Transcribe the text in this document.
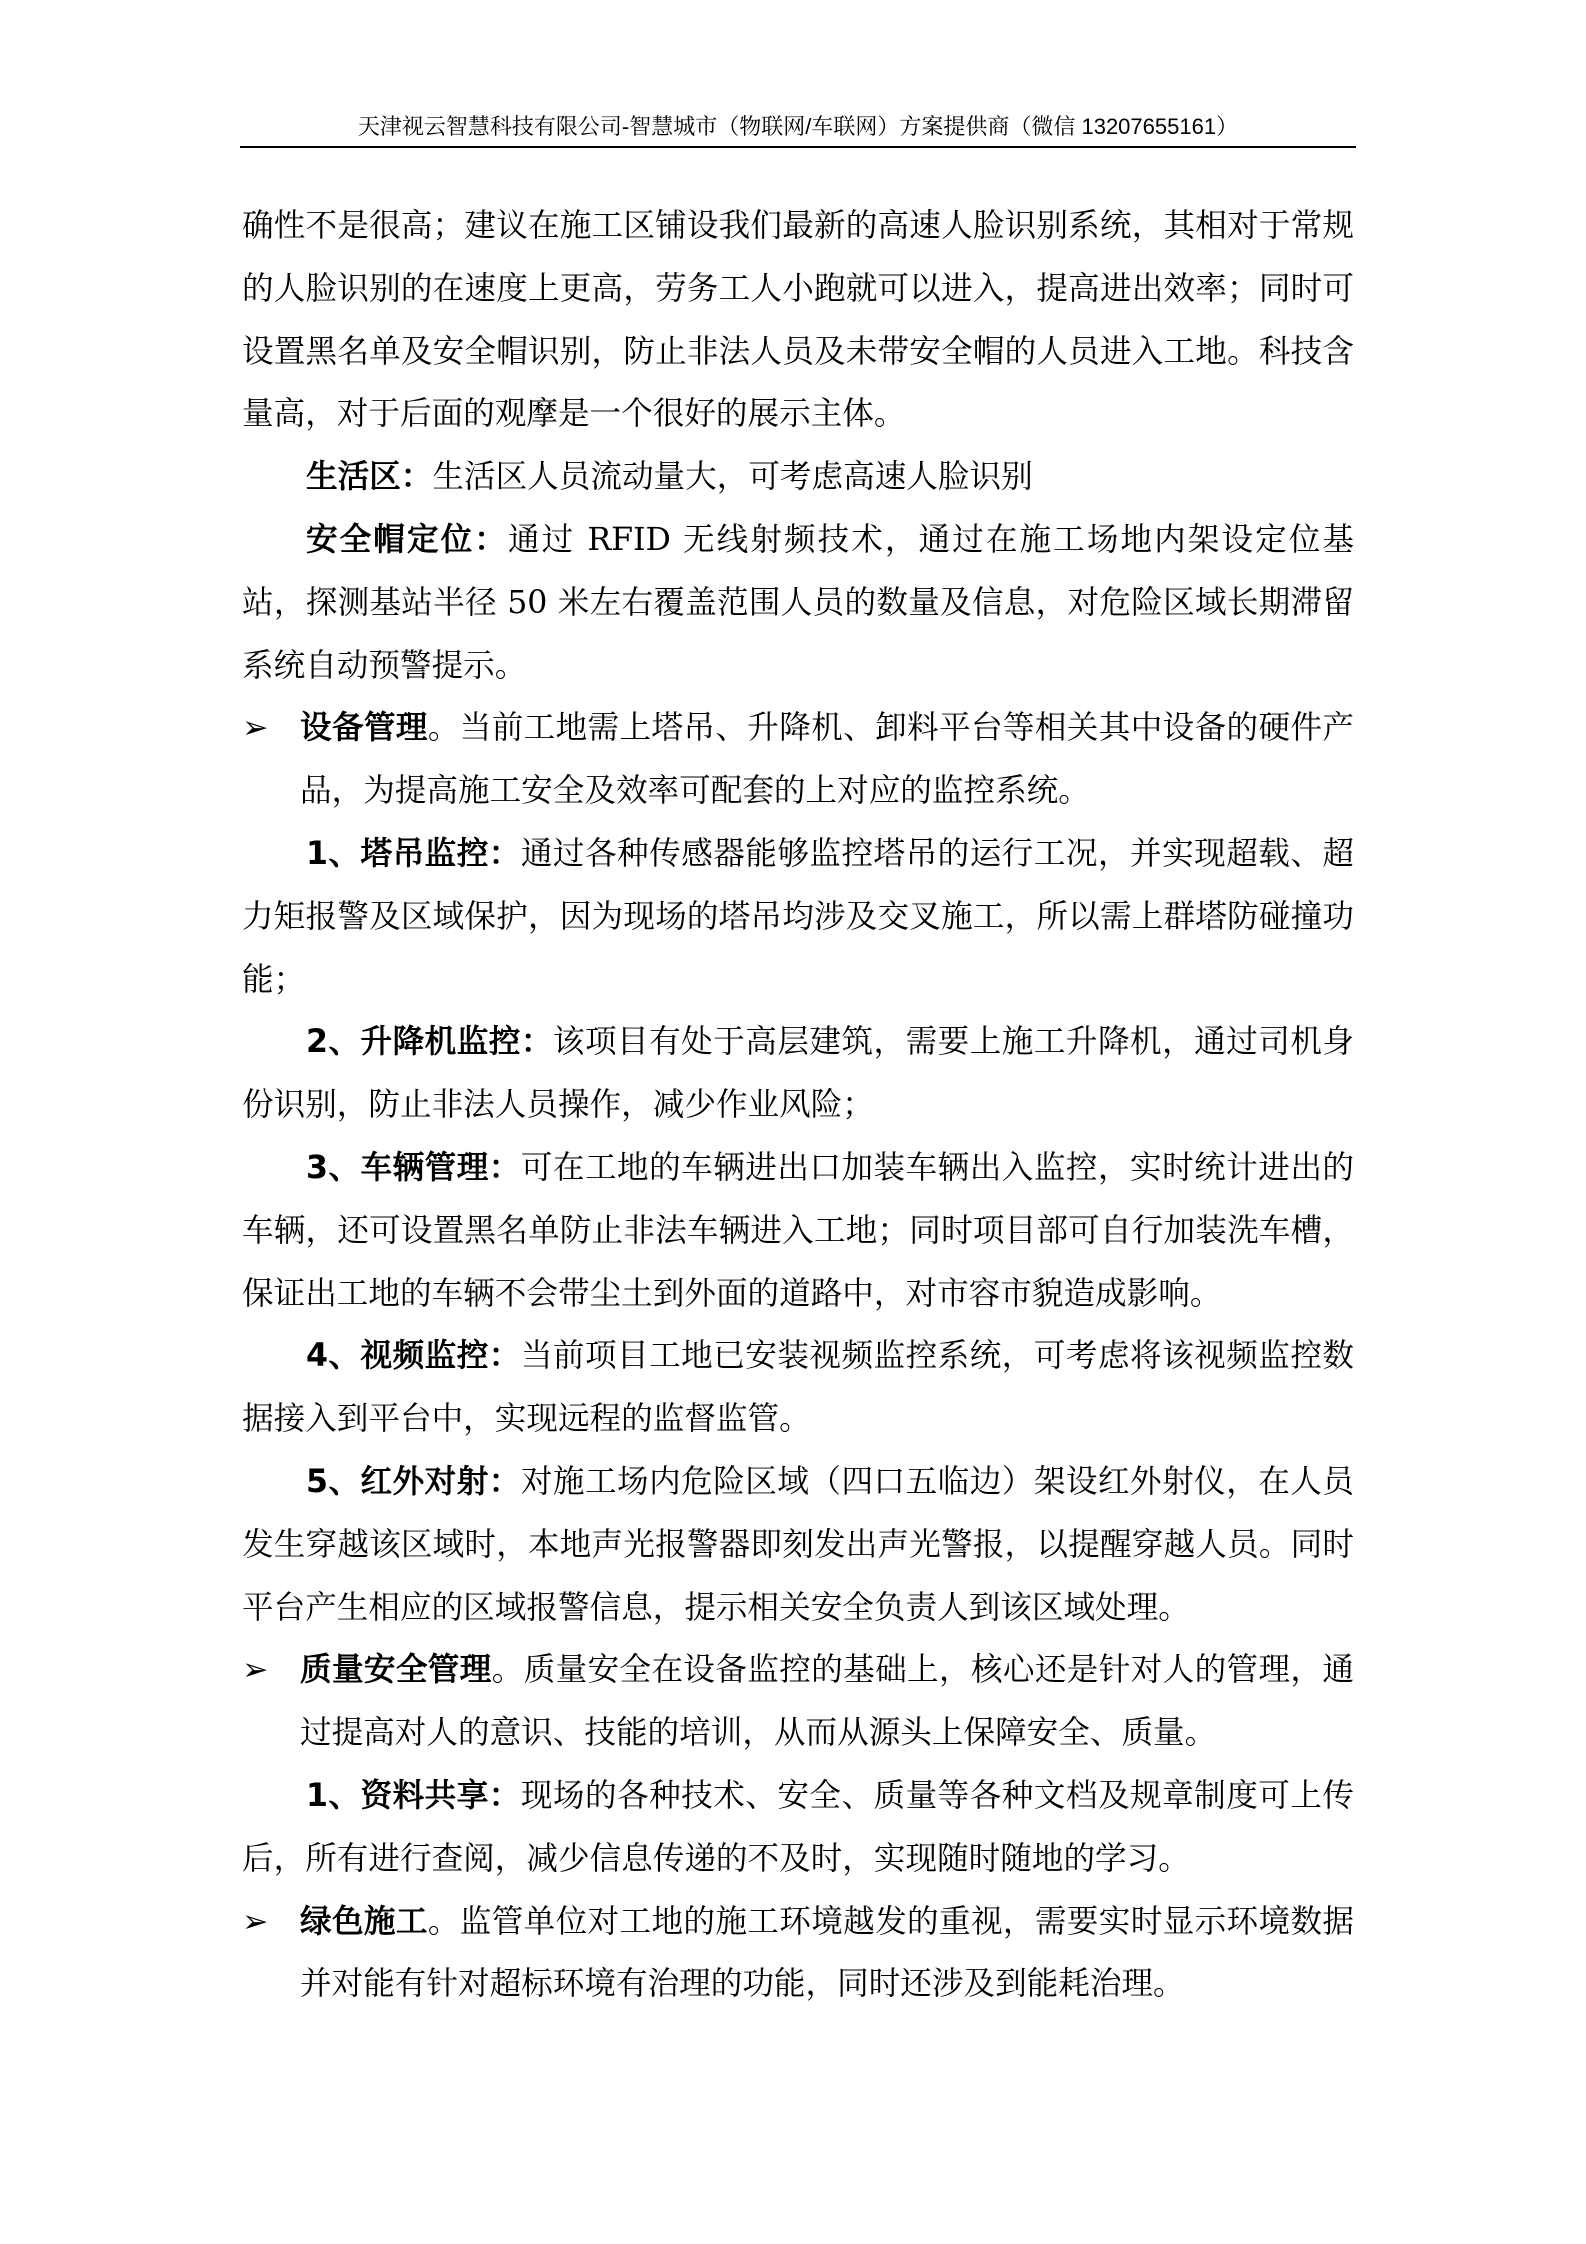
天津视云智慧科技有限公司-智慧城市（物联网/车联网）方案提供商（微信 13207655161）

确性不是很高；建议在施工区铺设我们最新的高速人脸识别系统，其相对于常规的人脸识别的在速度上更高，劳务工人小跑就可以进入，提高进出效率；同时可设置黑名单及安全帽识别，防止非法人员及未带安全帽的人员进入工地。科技含量高，对于后面的观摩是一个很好的展示主体。

生活区：生活区人员流动量大，可考虑高速人脸识别

安全帽定位：通过 RFID 无线射频技术，通过在施工场地内架设定位基站，探测基站半径 50 米左右覆盖范围人员的数量及信息，对危险区域长期滞留系统自动预警提示。

➢ 设备管理。当前工地需上塔吊、升降机、卸料平台等相关其中设备的硬件产品，为提高施工安全及效率可配套的上对应的监控系统。

1、塔吊监控：通过各种传感器能够监控塔吊的运行工况，并实现超载、超力矩报警及区域保护，因为现场的塔吊均涉及交叉施工，所以需上群塔防碰撞功能；

2、升降机监控：该项目有处于高层建筑，需要上施工升降机，通过司机身份识别，防止非法人员操作，减少作业风险；

3、车辆管理：可在工地的车辆进出口加装车辆出入监控，实时统计进出的车辆，还可设置黑名单防止非法车辆进入工地；同时项目部可自行加装洗车槽，保证出工地的车辆不会带尘土到外面的道路中，对市容市貌造成影响。

4、视频监控：当前项目工地已安装视频监控系统，可考虑将该视频监控数据接入到平台中，实现远程的监督监管。

5、红外对射：对施工场内危险区域（四口五临边）架设红外射仪，在人员发生穿越该区域时，本地声光报警器即刻发出声光警报，以提醒穿越人员。同时平台产生相应的区域报警信息，提示相关安全负责人到该区域处理。

➢ 质量安全管理。质量安全在设备监控的基础上，核心还是针对人的管理，通过提高对人的意识、技能的培训，从而从源头上保障安全、质量。

1、资料共享：现场的各种技术、安全、质量等各种文档及规章制度可上传后，所有进行查阅，减少信息传递的不及时，实现随时随地的学习。

➢ 绿色施工。监管单位对工地的施工环境越发的重视，需要实时显示环境数据并对能有针对超标环境有治理的功能，同时还涉及到能耗治理。
